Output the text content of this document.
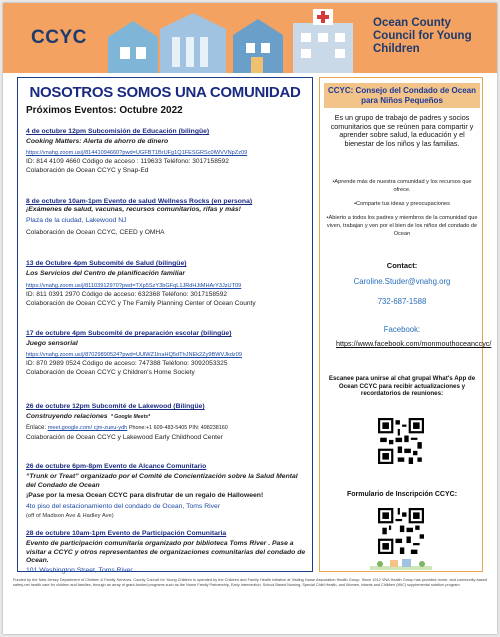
CCYC
Ocean County Council for Young Children
NOSOTROS SOMOS UNA COMUNIDAD
Próximos Eventos: Octubre 2022
4 de octubre 12pm Subcomisión de Educación (bilingüe)
Cooking Matters: Alerta de ahorro de dinero
https://vnahg.zoom.us/j/81441094660?pwd=UGFBT1BrUFg1Q1FESGRSc0lWVVNpZz09
ID: 814 4109 4660 Código de acceso : 119633 Teléfono: 3017158592
Colaboración de Ocean CCYC y Snap-Ed
8 de octubre 10am-1pm Evento de salud Wellness Rocks (en persona)
¡Exámenes de salud, vacunas, recursos comunitarios, rifas y más!
Plaza de la ciudad, Lakewood NJ
Colaboración de Ocean CCYC, CEED y OMHA
13 de Octubre 4pm Subcomité de Salud (bilingüe)
Los Servicios del Centro de planificación familiar
https://vnahg.zoom.us/j/81103912970?pwd=TXp5SzY3bGFqL1JRdHJtMHArY3JzUT09
ID: 811 0391 2970 Código de acceso: 632368 Teléfono: 3017158592
Colaboración de Ocean CCYC y The Family Planning Center of Ocean County
17 de octubre 4pm Subcomité de preparación escolar (bilingüe)
Juego sensorial
https://vnahg.zoom.us/j/87029890524?pwd=UUlWZ1lnaHQ5dThJNEk2Zy9BWVJkdz09
ID: 870 2989 0524 Código de acceso: 747388 Teléfono: 3092053325
Colaboración de Ocean CCYC y Children's Home Society
26 de octubre 12pm Subcomité de Lakewood (Bilingüe)
Construyendo relaciones  * Google Meets*
Enlace: meet.google.com/ cjm-zueu-ydh Phone:+1 609-483-5405 PIN: 498238160
Colaboración de Ocean CCYC y Lakewood Early Childhood Center
26 de octubre 6pm-8pm Evento de Alcance Comunitario
“Trunk or Treat” organizado por el Comité de Concientización sobre la Salud Mental del Condado de Ocean
¡Pase por la mesa Ocean CCYC para disfrutar de un regalo de Halloween!
4to piso del estacionamiento del condado de Ocean, Toms River
(off of Madison Ave & Hadley Ave)
28 de octubre 10am-1pm Evento de Participación Comunitaria
Evento de participación comunitaria organizado por biblioteca Toms River . Pase a visitar a CCYC y otros representantes de organizaciones comunitarias del condado de Ocean.
101 Washington Street, Toms River
CCYC: Consejo del Condado de Ocean para Niños Pequeños
Es un grupo de trabajo de padres y socios comunitarios que se reúnen para compartir y aprender sobre salud, la educación y el bienestar de los niños y las familias.
•Aprende más de nuestra comunidad y los recursos que ofrece.
•Comparte tus ideas y preocupaciones
•Abierto a todos los padres y miembros de la comunidad que viven, trabajan y ven por el bien de los niños del condado de Ocean
Contact:
Caroline.Studer@vnahg.org
732-687-1588
Facebook:
https://www.facebook.com/monmouthoceanccyc/
Escanee para unirse al chat grupal What's App de Ocean CCYC para recibir actualizaciones y recordatorios de reuniones:
Formulario de Inscripción CCYC:
Funded by the New Jersey Department of Children & Family Services. County Council for Young Children is operated by the Children and Family Health Initiative at Visiting Nurse Association Health Group. Since 1912 VNA Health Group has provided home- and community-based safety-net health care for children and families, through an array of grant-funded programs such as the Nurse Family Partnership, Early Intervention, School Based Nursing, Special Child Health, and Women, Infants and Children (WIC) supplemental nutrition program.
